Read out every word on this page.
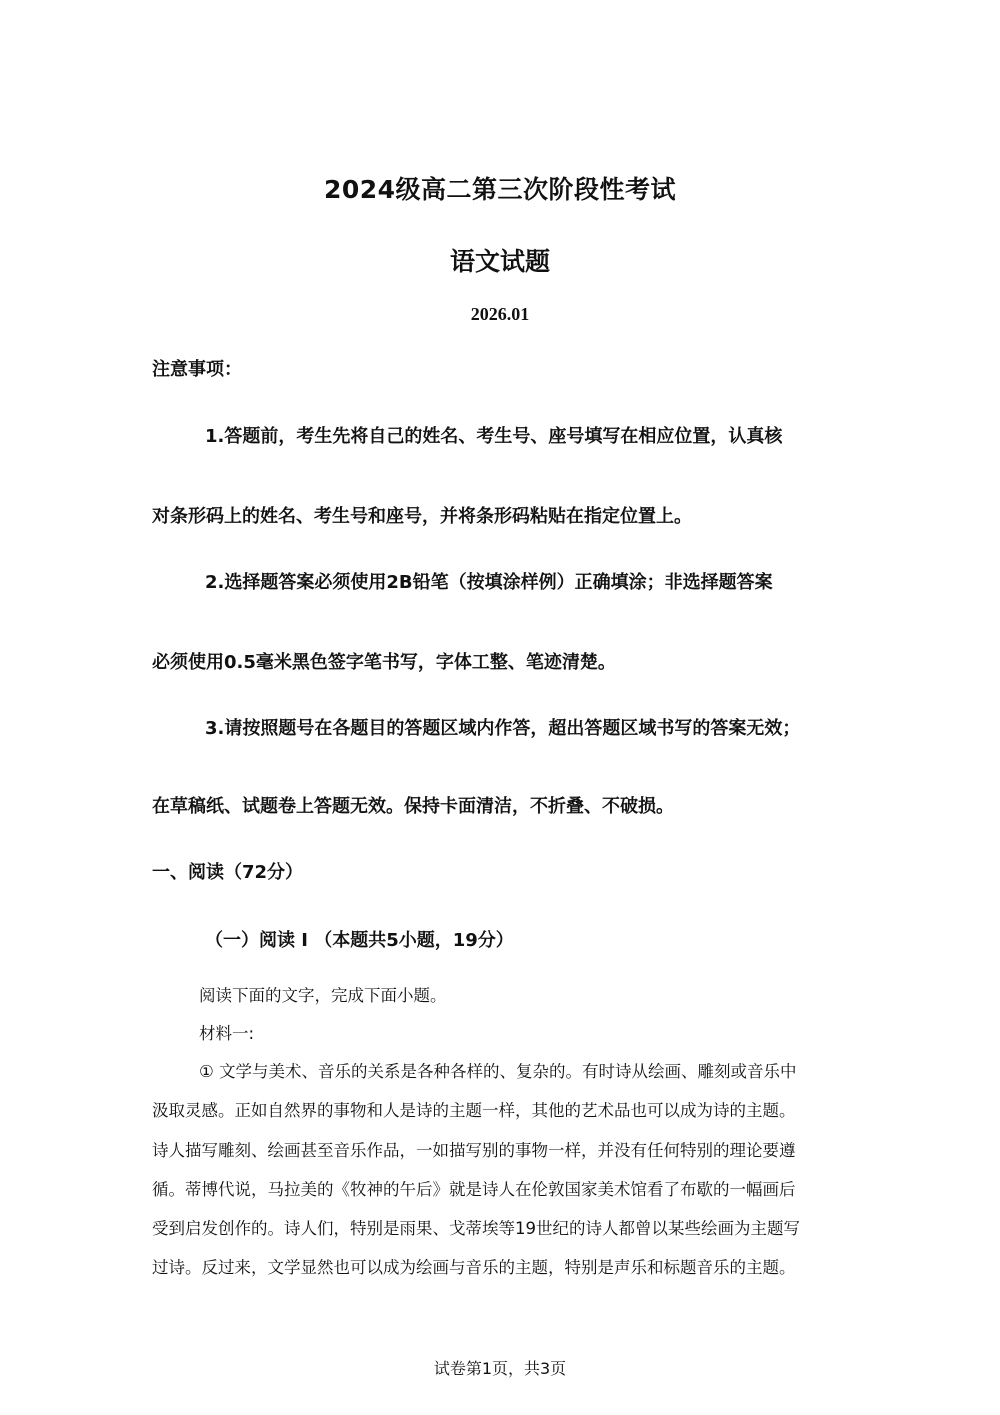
2024级高二第三次阶段性考试
语文试题
2026.01
注意事项：
1.答题前，考生先将自己的姓名、考生号、座号填写在相应位置，认真核
对条形码上的姓名、考生号和座号，并将条形码粘贴在指定位置上。
2.选择题答案必须使用2B铅笔（按填涂样例）正确填涂；非选择题答案
必须使用0.5毫米黑色签字笔书写，字体工整、笔迹清楚。
3.请按照题号在各题目的答题区域内作答，超出答题区域书写的答案无效；
在草稿纸、试题卷上答题无效。保持卡面清洁，不折叠、不破损。
一、阅读（72分）
（一）阅读 I （本题共5小题，19分）
阅读下面的文字，完成下面小题。
材料一:
① 文学与美术、音乐的关系是各种各样的、复杂的。有时诗从绘画、雕刻或音乐中
汲取灵感。正如自然界的事物和人是诗的主题一样，其他的艺术品也可以成为诗的主题。
诗人描写雕刻、绘画甚至音乐作品，一如描写别的事物一样，并没有任何特别的理论要遵
循。蒂博代说，马拉美的《牧神的午后》就是诗人在伦敦国家美术馆看了布歇的一幅画后
受到启发创作的。诗人们，特别是雨果、戈蒂埃等19世纪的诗人都曾以某些绘画为主题写
过诗。反过来，文学显然也可以成为绘画与音乐的主题，特别是声乐和标题音乐的主题。
试卷第1页，共3页
